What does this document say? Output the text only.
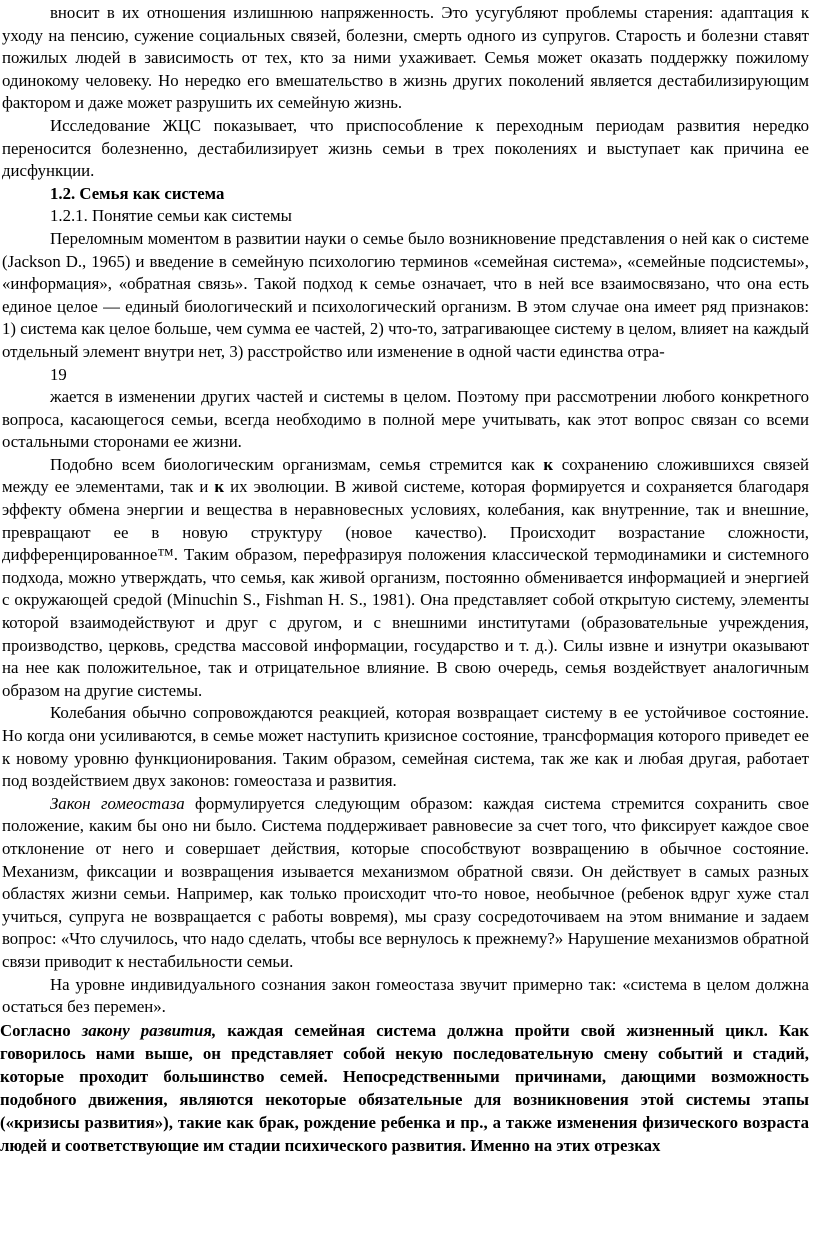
вносит в их отношения излишнюю напряженность. Это усугубляют проблемы старения: адаптация к уходу на пенсию, сужение социальных связей, болезни, смерть одного из супругов. Старость и болезни ставят пожилых людей в зависимость от тех, кто за ними ухаживает. Семья может оказать поддержку пожилому одинокому человеку. Но нередко его вмешательство в жизнь других поколений является дестабилизирующим фактором и даже может разрушить их семейную жизнь.

Исследование ЖЦС показывает, что приспособление к переходным периодам развития нередко переносится болезненно, дестабилизирует жизнь семьи в трех поколениях и выступает как причина ее дисфункции.

1.2. Семья как система

1.2.1. Понятие семьи как системы

Переломным моментом в развитии науки о семье было возникновение представления о ней как о системе (Jackson D., 1965) и введение в семейную психологию терминов «семейная система», «семейные подсистемы», «информация», «обратная связь». Такой подход к семье означает, что в ней все взаимосвязано, что она есть единое целое — единый биологический и психологический организм. В этом случае она имеет ряд признаков: 1) система как целое больше, чем сумма ее частей, 2) что-то, затрагивающее систему в целом, влияет на каждый отдельный элемент внутри нет, 3) расстройство или изменение в одной части единства отра-

19

жается в изменении других частей и системы в целом. Поэтому при рассмотрении любого конкретного вопроса, касающегося семьи, всегда необходимо в полной мере учитывать, как этот вопрос связан со всеми остальными сторонами ее жизни.

Подобно всем биологическим организмам, семья стремится как к сохранению сложившихся связей между ее элементами, так и к их эволюции. В живой системе, которая формируется и сохраняется благодаря эффекту обмена энергии и вещества в неравновесных условиях, колебания, как внутренние, так и внешние, превращают ее в новую структуру (новое качество). Происходит возрастание сложности, дифференцированное™. Таким образом, перефразируя положения классической термодинамики и системного подхода, можно утверждать, что семья, как живой организм, постоянно обменивается информацией и энергией с окружающей средой (Minuchin S., Fishman H. S., 1981). Она представляет собой открытую систему, элементы которой взаимодействуют и друг с другом, и с внешними институтами (образовательные учреждения, производство, церковь, средства массовой информации, государство и т. д.). Силы извне и изнутри оказывают на нее как положительное, так и отрицательное влияние. В свою очередь, семья воздействует аналогичным образом на другие системы.

Колебания обычно сопровождаются реакцией, которая возвращает систему в ее устойчивое состояние. Но когда они усиливаются, в семье может наступить кризисное состояние, трансформация которого приведет ее к новому уровню функционирования. Таким образом, семейная система, так же как и любая другая, работает под воздействием двух законов: гомеостаза и развития.

Закон гомеостаза формулируется следующим образом: каждая система стремится сохранить свое положение, каким бы оно ни было. Система поддерживает равновесие за счет того, что фиксирует каждое свое отклонение от него и совершает действия, которые способствуют возвращению в обычное состояние. Механизм, фиксации и возвращения изывается механизмом обратной связи. Он действует в самых разных областях жизни семьи. Например, как только происходит что-то новое, необычное (ребенок вдруг хуже стал учиться, супруга не возвращается с работы вовремя), мы сразу сосредоточиваем на этом внимание и задаем вопрос: «Что случилось, что надо сделать, чтобы все вернулось к прежнему?» Нарушение механизмов обратной связи приводит к нестабильности семьи.

На уровне индивидуального сознания закон гомеостаза звучит примерно так: «система в целом должна остаться без перемен».

Согласно закону развития, каждая семейная система должна пройти свой жизненный цикл. Как говорилось нами выше, он представляет собой некую последовательную смену событий и стадий, которые проходит большинство семей. Непосредственными причинами, дающими возможность подобного движения, являются некоторые обязательные для возникновения этой системы этапы («кризисы развития»), такие как брак, рождение ребенка и пр., а также изменения физического возраста людей и соответствующие им стадии психического развития. Именно на этих отрезках
